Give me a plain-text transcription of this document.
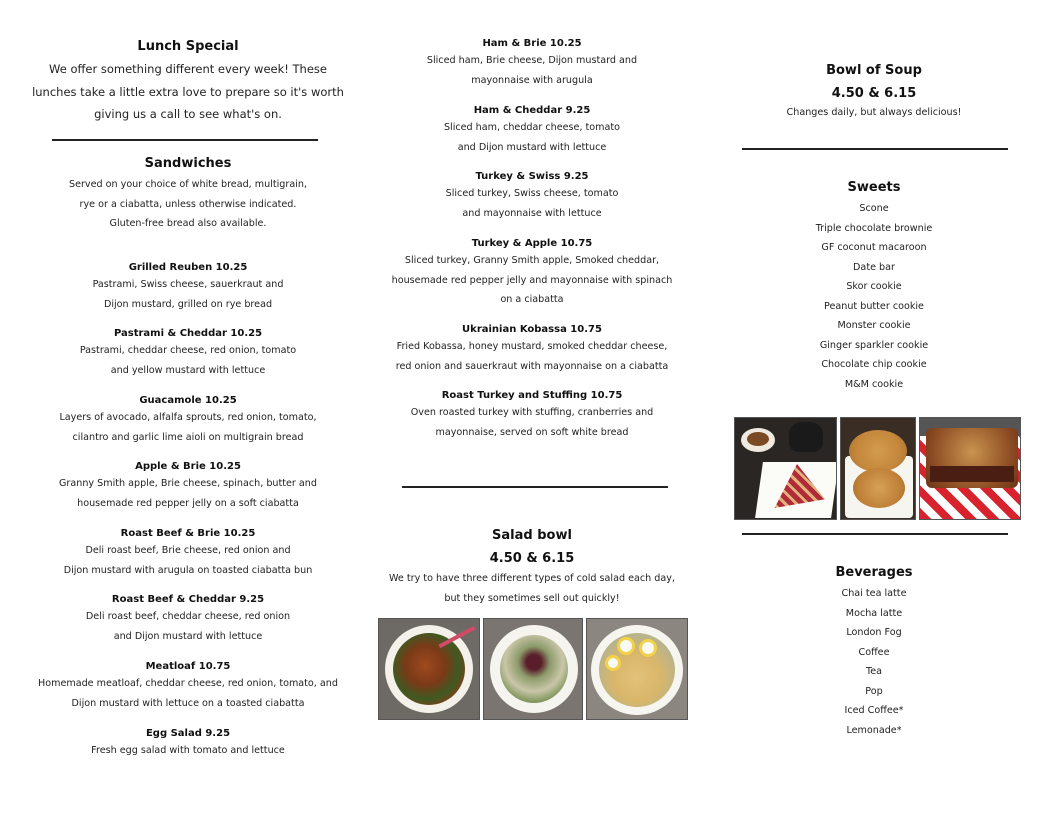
Lunch Special
We offer something different every week! These
lunches take a little extra love to prepare so it's worth
giving us a call to see what's on.
Sandwiches
Served on your choice of white bread, multigrain,
rye or a ciabatta, unless otherwise indicated.
Gluten-free bread also available.
Grilled Reuben 10.25
Pastrami, Swiss cheese, sauerkraut and
Dijon mustard, grilled on rye bread
Pastrami & Cheddar 10.25
Pastrami, cheddar cheese, red onion, tomato
and yellow mustard with lettuce
Guacamole 10.25
Layers of avocado, alfalfa sprouts, red onion, tomato,
cilantro and garlic lime aioli on multigrain bread
Apple & Brie 10.25
Granny Smith apple, Brie cheese, spinach, butter and
housemade red pepper jelly on a soft ciabatta
Roast Beef & Brie 10.25
Deli roast beef, Brie cheese, red onion and
Dijon mustard with arugula on toasted ciabatta bun
Roast Beef & Cheddar 9.25
Deli roast beef, cheddar cheese, red onion
and Dijon mustard with lettuce
Meatloaf 10.75
Homemade meatloaf, cheddar cheese, red onion, tomato, and
Dijon mustard with lettuce on a toasted ciabatta
Egg Salad 9.25
Fresh egg salad with tomato and lettuce
Ham & Brie 10.25
Sliced ham, Brie cheese, Dijon mustard and
mayonnaise with arugula
Ham & Cheddar 9.25
Sliced ham, cheddar cheese, tomato
and Dijon mustard with lettuce
Turkey & Swiss 9.25
Sliced turkey, Swiss cheese, tomato
and mayonnaise with lettuce
Turkey & Apple 10.75
Sliced turkey, Granny Smith apple, Smoked cheddar,
housemade red pepper jelly and mayonnaise with spinach
on a ciabatta
Ukrainian Kobassa 10.75
Fried Kobassa, honey mustard, smoked cheddar cheese,
red onion and sauerkraut with mayonnaise on a ciabatta
Roast Turkey and Stuffing 10.75
Oven roasted turkey with stuffing, cranberries and
mayonnaise, served on soft white bread
Salad bowl
4.50 & 6.15
We try to have three different types of cold salad each day,
but they sometimes sell out quickly!
Bowl of Soup
4.50 & 6.15
Changes daily, but always delicious!
Sweets
Scone
Triple chocolate brownie
GF coconut macaroon
Date bar
Skor cookie
Peanut butter cookie
Monster cookie
Ginger sparkler cookie
Chocolate chip cookie
M&M cookie
Beverages
Chai tea latte
Mocha latte
London Fog
Coffee
Tea
Pop
Iced Coffee*
Lemonade*
